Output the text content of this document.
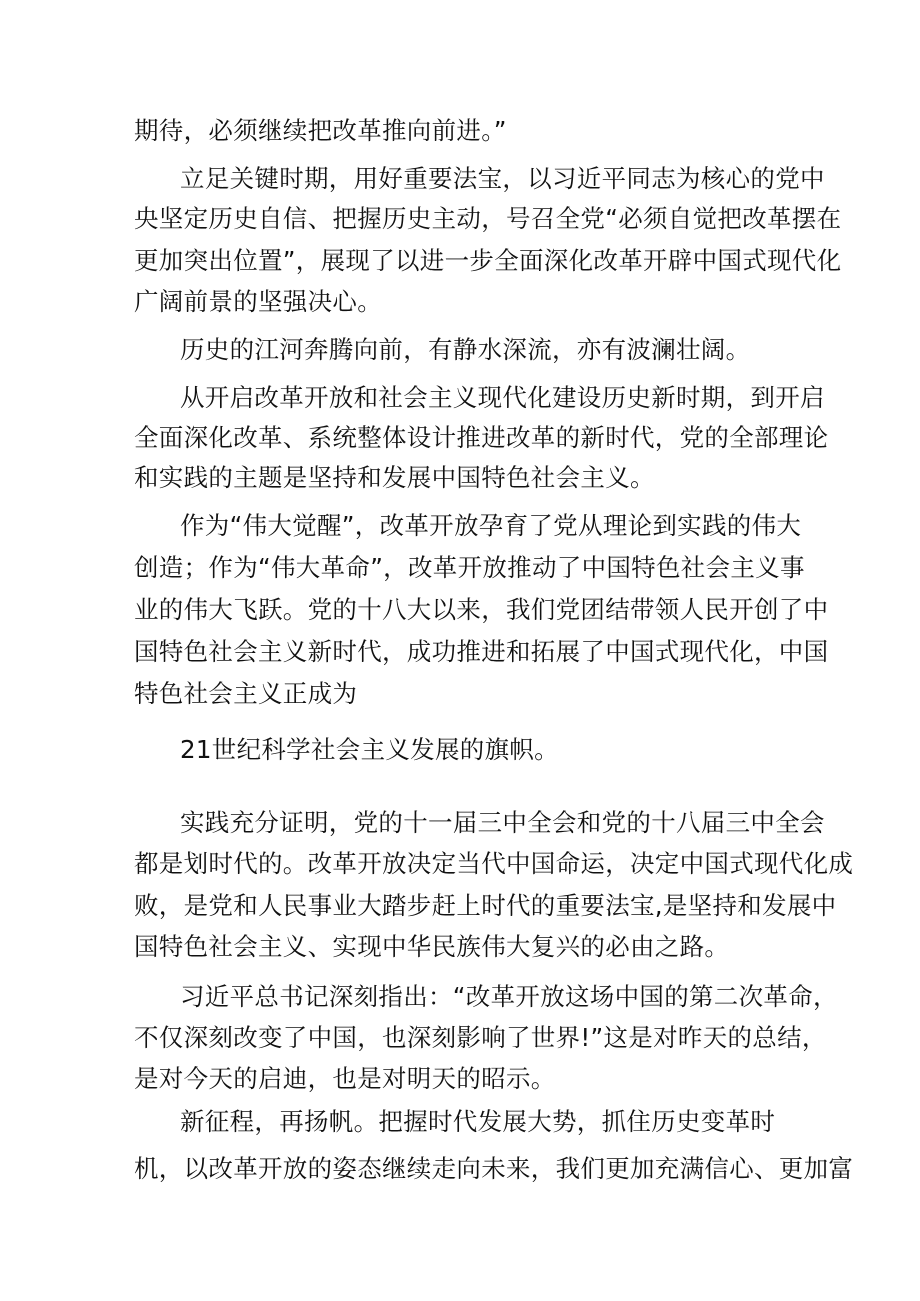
期待，必须继续把改革推向前进。”
立足关键时期，用好重要法宝，以习近平同志为核心的党中
央坚定历史自信、把握历史主动，号召全党“必须自觉把改革摆在
更加突出位置”，展现了以进一步全面深化改革开辟中国式现代化
广阔前景的坚强决心。
历史的江河奔腾向前，有静水深流，亦有波澜壮阔。
从开启改革开放和社会主义现代化建设历史新时期，到开启
全面深化改革、系统整体设计推进改革的新时代，党的全部理论
和实践的主题是坚持和发展中国特色社会主义。
作为“伟大觉醒”，改革开放孕育了党从理论到实践的伟大
创造；作为“伟大革命”，改革开放推动了中国特色社会主义事
业的伟大飞跃。党的十八大以来，我们党团结带领人民开创了中
国特色社会主义新时代，成功推进和拓展了中国式现代化，中国
特色社会主义正成为
21世纪科学社会主义发展的旗帜。
实践充分证明，党的十一届三中全会和党的十八届三中全会
都是划时代的。改革开放决定当代中国命运，决定中国式现代化成
败，是党和人民事业大踏步赶上时代的重要法宝,是坚持和发展中
国特色社会主义、实现中华民族伟大复兴的必由之路。
习近平总书记深刻指出：“改革开放这场中国的第二次革命，
不仅深刻改变了中国，也深刻影响了世界!”这是对昨天的总结，
是对今天的启迪，也是对明天的昭示。
新征程，再扬帆。把握时代发展大势，抓住历史变革时
机，以改革开放的姿态继续走向未来，我们更加充满信心、更加富
